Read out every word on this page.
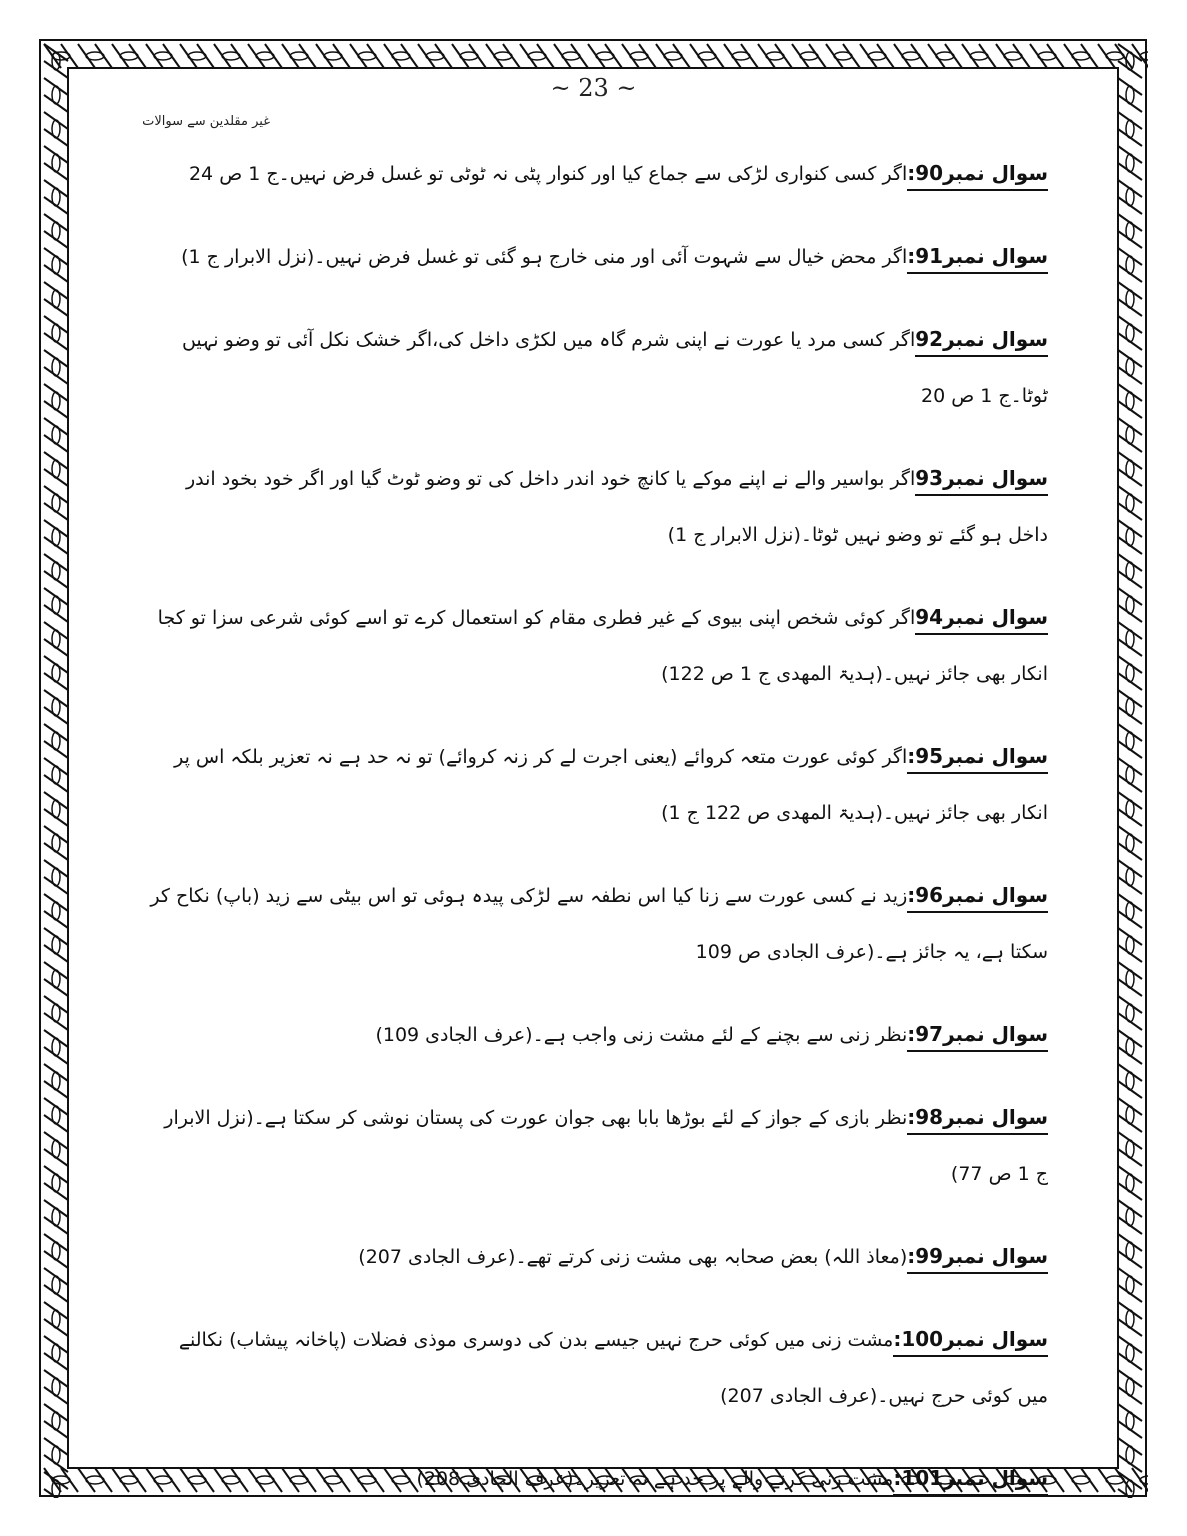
~ 23 ~
غیر مقلدین سے سوالات

سوال نمبر90:اگر کسی کنواری لڑکی سے جماع کیا اور کنوار پٹی نہ ٹوٹی تو غسل فرض نہیں۔ج 1 ص 24

سوال نمبر91:اگر محض خیال سے شہوت آئی اور منی خارج ہو گئی تو غسل فرض نہیں۔(نزل الابرار ج 1)

سوال نمبر92اگر کسی مرد یا عورت نے اپنی شرم گاہ میں لکڑی داخل کی،اگر خشک نکل آئی تو وضو نہیں ٹوٹا۔ج 1 ص 20

سوال نمبر93اگر بواسیر والے نے اپنے موکے یا کانچ خود اندر داخل کی تو وضو ٹوٹ گیا اور اگر خود بخود اندر داخل ہو گئے تو وضو نہیں ٹوٹا۔(نزل الابرار ج 1)

سوال نمبر94اگر کوئی شخص اپنی بیوی کے غیر فطری مقام کو استعمال کرے تو اسے کوئی شرعی سزا تو کجا انکار بھی جائز نہیں۔(ہدیۃ المھدی ج 1 ص 122)

سوال نمبر95:اگر کوئی عورت متعہ کروائے (یعنی اجرت لے کر زنہ کروائے) تو نہ حد ہے نہ تعزیر بلکہ اس پر انکار بھی جائز نہیں۔(ہدیۃ المھدی ص 122 ج 1)

سوال نمبر96:زید نے کسی عورت سے زنا کیا اس نطفہ سے لڑکی پیدہ ہوئی تو اس بیٹی سے زید (باپ) نکاح کر سکتا ہے، یہ جائز ہے۔(عرف الجادی ص 109

سوال نمبر97:نظر زنی سے بچنے کے لئے مشت زنی واجب ہے۔(عرف الجادی 109)

سوال نمبر98:نظر بازی کے جواز کے لئے بوڑھا بابا بھی جوان عورت کی پستان نوشی کر سکتا ہے۔(نزل الابرار ج 1 ص 77)

سوال نمبر99:(معاذ اللہ) بعض صحابہ بھی مشت زنی کرتے تھے۔(عرف الجادی 207)

سوال نمبر100:مشت زنی میں کوئی حرج نہیں جیسے بدن کی دوسری موذی فضلات (پاخانہ پیشاب) نکالنے میں کوئی حرج نہیں۔(عرف الجادی 207)

سوال نمبر101:مشت زنی کرنے والے پر حد ہے نہ تعزیر۔(عرف الجادی 208)
